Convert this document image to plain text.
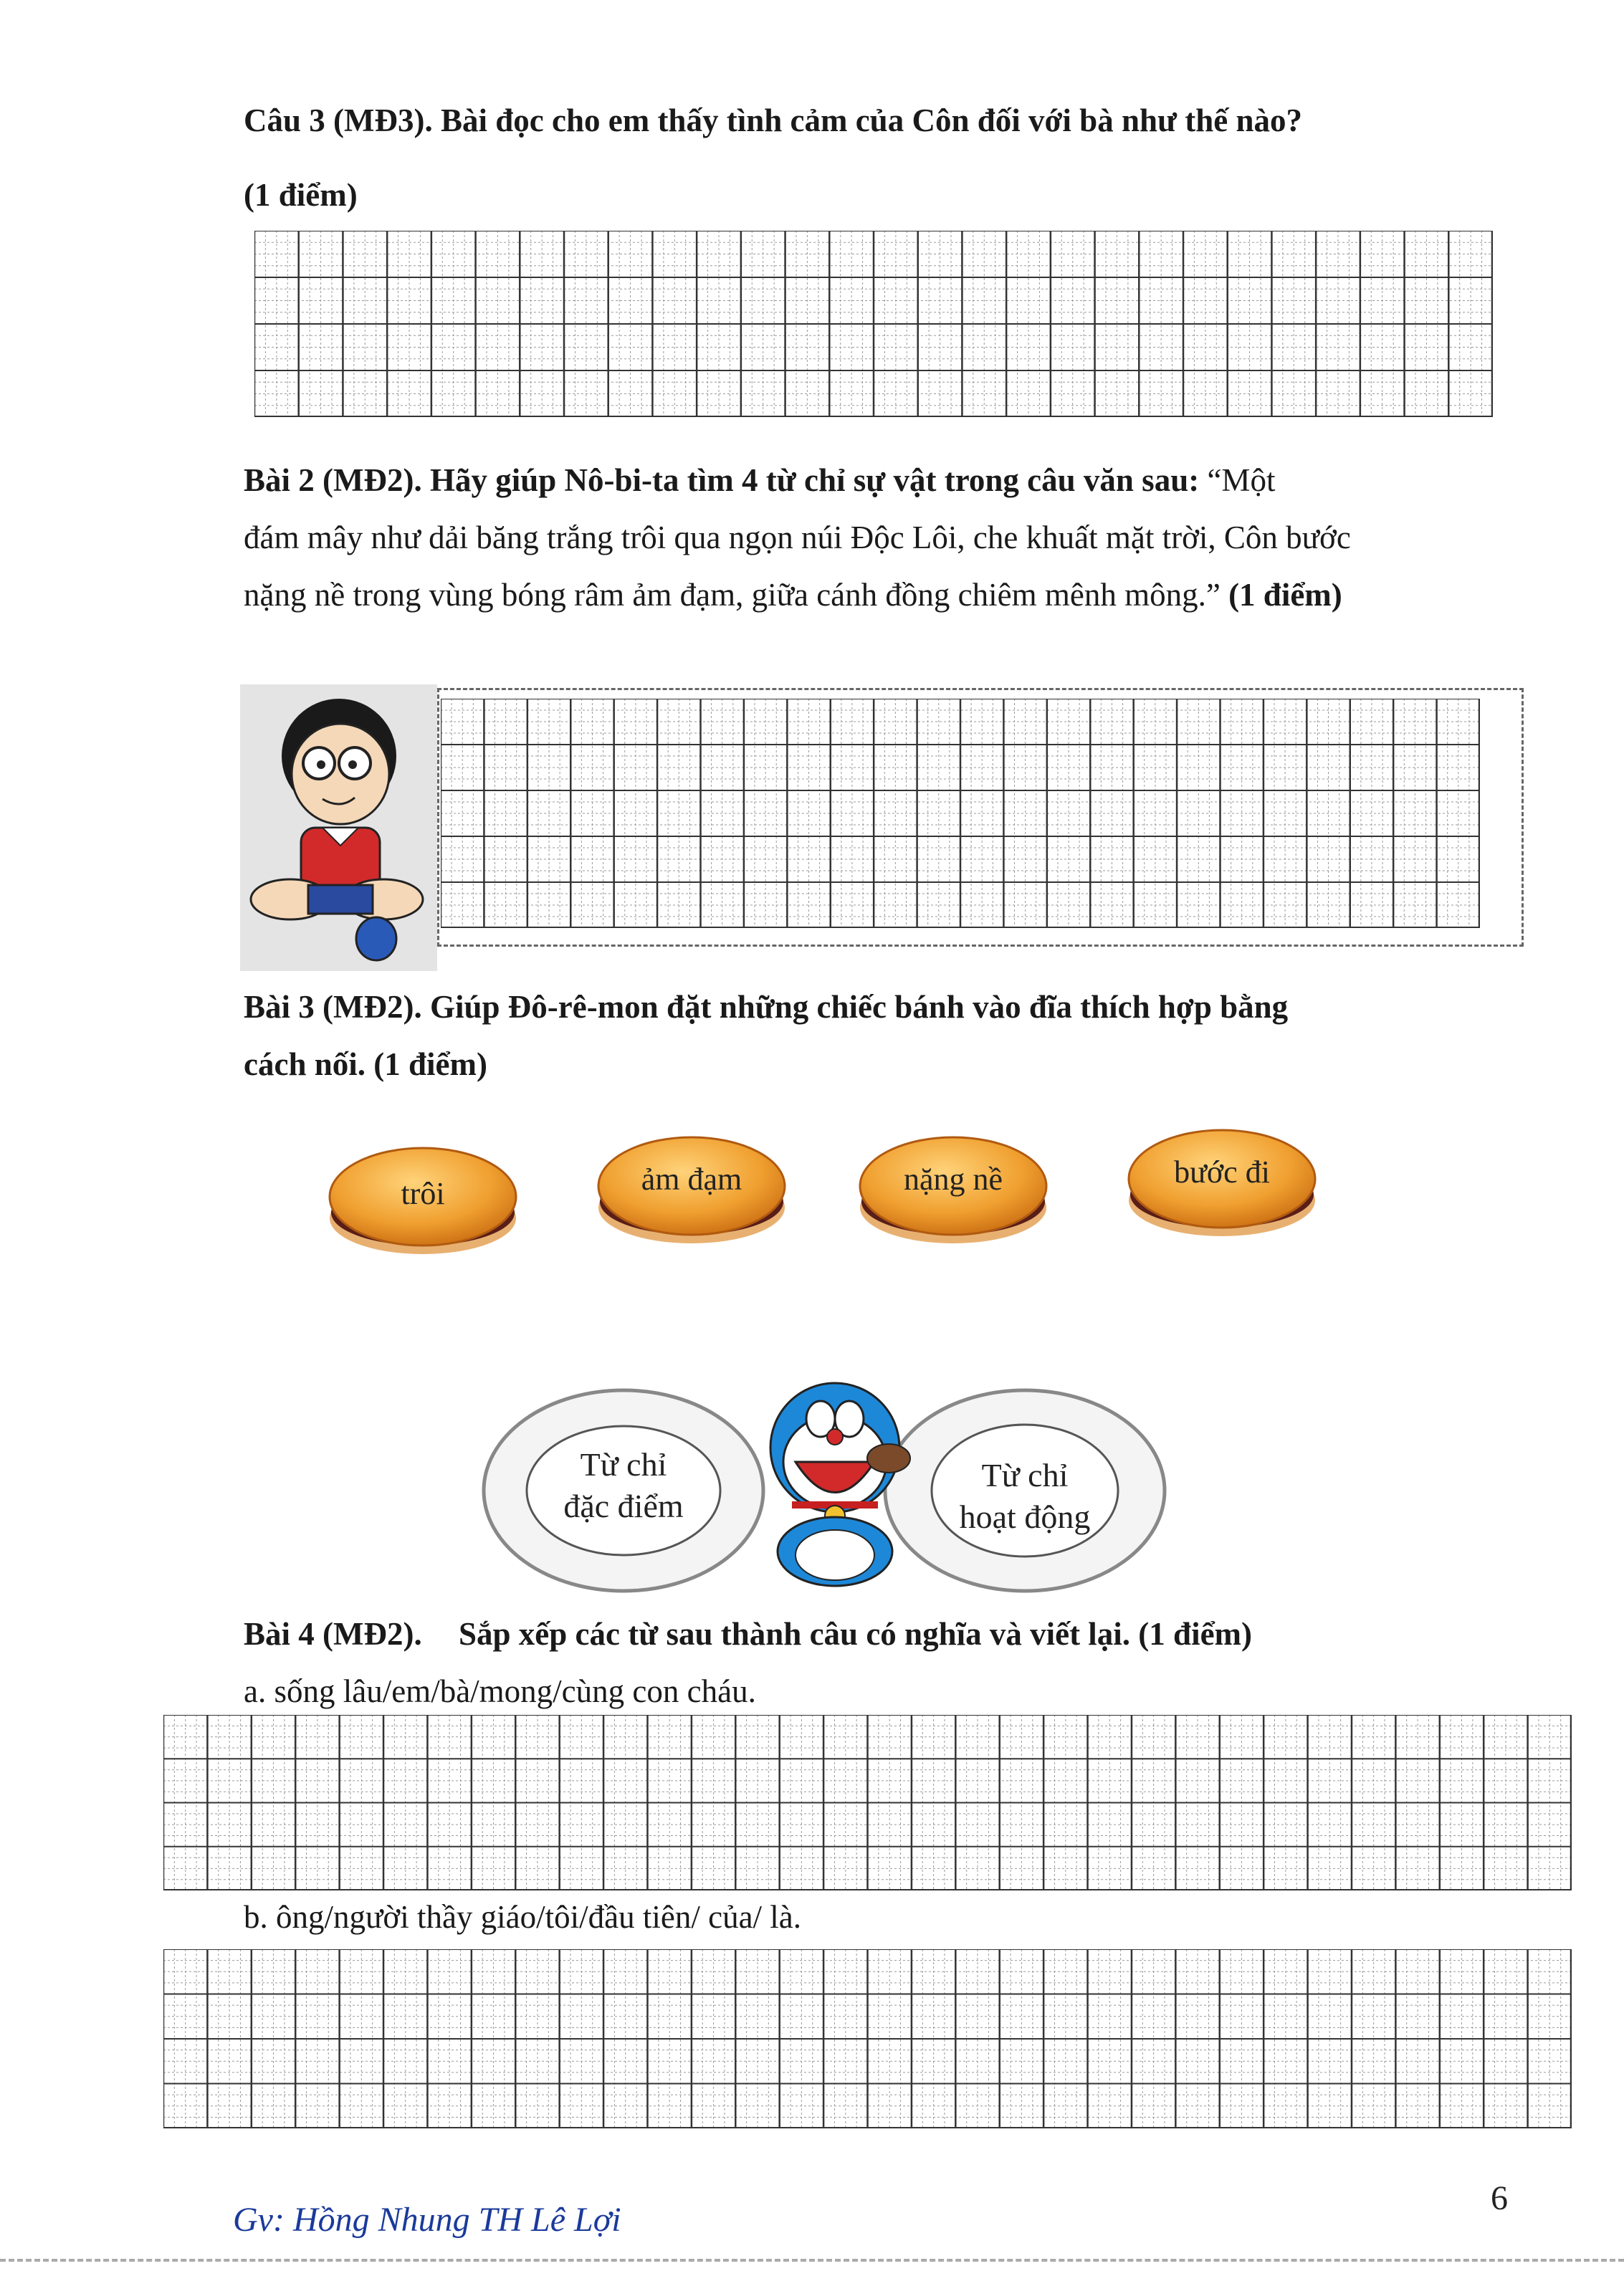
Câu 3 (MĐ3). Bài đọc cho em thấy tình cảm của Côn đối với bà như thế nào?
(1 điểm)
Bài 2 (MĐ2). Hãy giúp Nô-bi-ta tìm 4 từ chỉ sự vật trong câu văn sau: “Một
đám mây như dải băng trắng trôi qua ngọn núi Độc Lôi, che khuất mặt trời, Côn bước
nặng nề trong vùng bóng râm ảm đạm, giữa cánh đồng chiêm mênh mông.” (1 điểm)
Bài 3 (MĐ2). Giúp Đô-rê-mon đặt những chiếc bánh vào đĩa thích hợp bằng
cách nối. (1 điểm)
trôi	ảm đạm	nặng nề	bước đi
Từ chỉ
đặc điểm
Từ chỉ
hoạt động
Bài 4 (MĐ2). Sắp xếp các từ sau thành câu có nghĩa và viết lại. (1 điểm)
a. sống lâu/em/bà/mong/cùng con cháu.
b. ông/người thầy giáo/tôi/đầu tiên/ của/ là.
Gv: Hồng Nhung TH Lê Lợi
6
